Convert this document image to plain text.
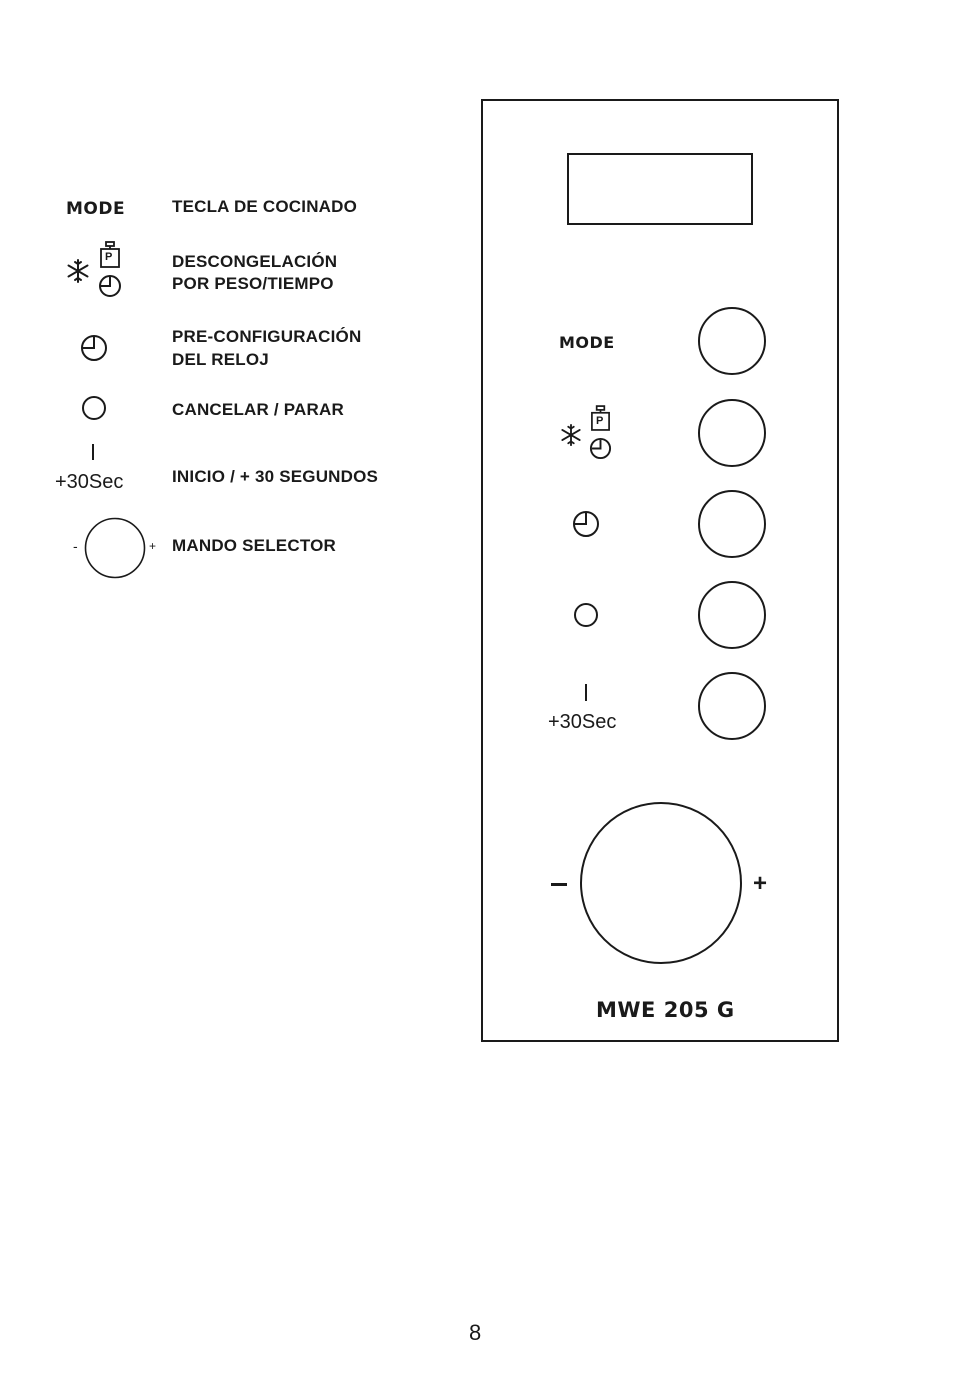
MODE	TECLA DE COCINADO
P	DESCONGELACIÓN
POR PESO/TIEMPO
PRE-CONFIGURACIÓN
DEL RELOJ
CANCELAR / PARAR
+30Sec	INICIO / + 30 SEGUNDOS
-	+ MANDO SELECTOR
MODE
P
+30Sec
+
MWE 205 G
8
